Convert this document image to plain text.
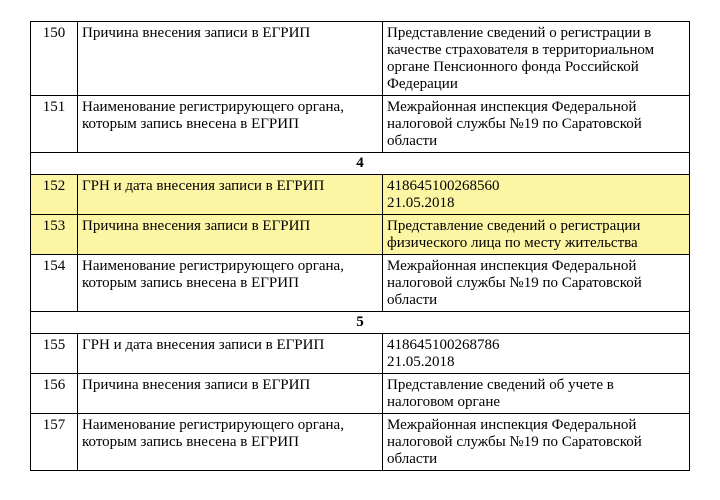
150	Причина внесения записи в ЕГРИП	Представление сведений о регистрации в
качестве страхователя в территориальном
органе Пенсионного фонда Российской
Федерации

151	Наименование регистрирующего органа,
которым запись внесена в ЕГРИП	Межрайонная инспекция Федеральной
налоговой службы №19 по Саратовской
области

4		
152	ГРН и дата внесения записи в ЕГРИП	418645100268560
21.05.2018

153	Причина внесения записи в ЕГРИП	Представление сведений о регистрации
физического лица по месту жительства

154	Наименование регистрирующего органа,
которым запись внесена в ЕГРИП	Межрайонная инспекция Федеральной
налоговой службы №19 по Саратовской
области

5		
155	ГРН и дата внесения записи в ЕГРИП	418645100268786
21.05.2018

156	Причина внесения записи в ЕГРИП	Представление сведений об учете в
налоговом органе

157	Наименование регистрирующего органа,
которым запись внесена в ЕГРИП	Межрайонная инспекция Федеральной
налоговой службы №19 по Саратовской
области
